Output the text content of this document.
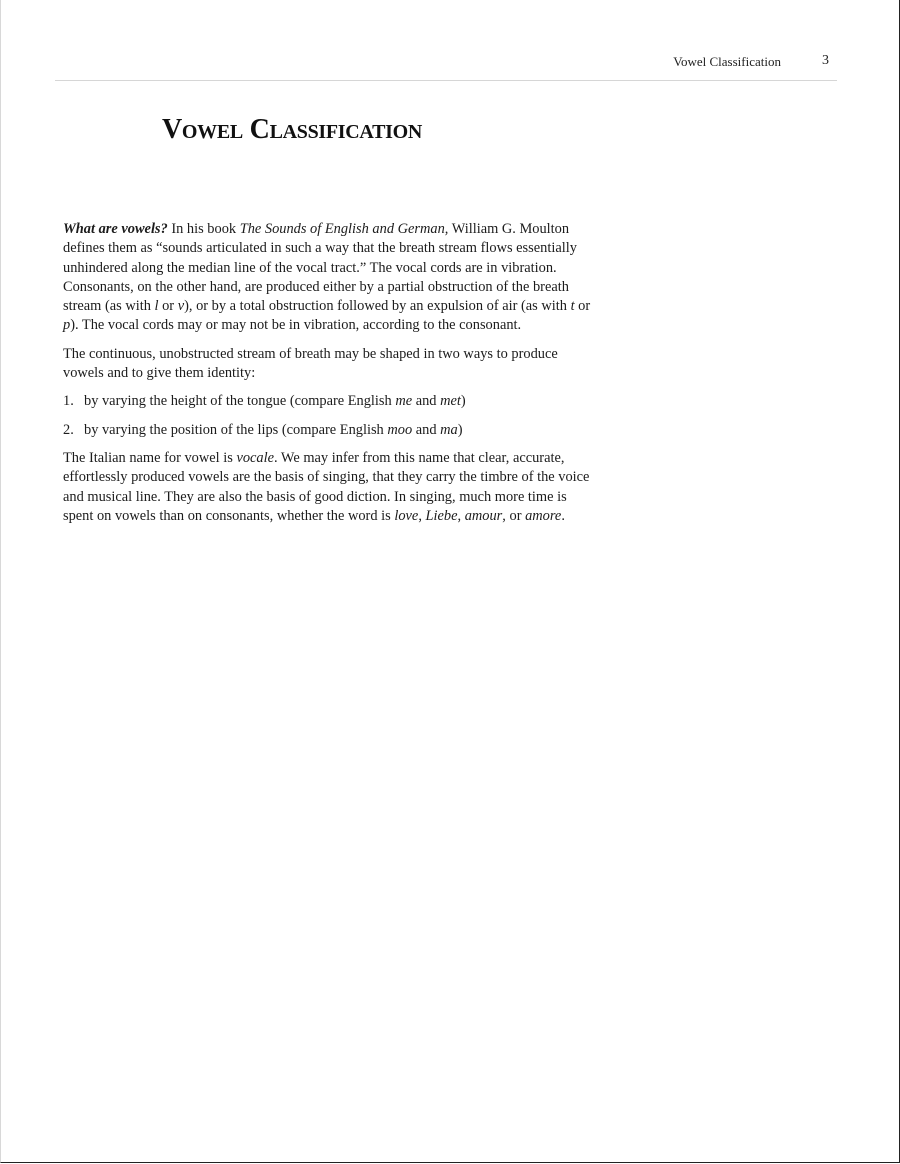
Vowel Classification	3
Vowel Classification

What are vowels? In his book The Sounds of English and German, William G. Moulton defines them as “sounds articulated in such a way that the breath stream flows essentially unhindered along the median line of the vocal tract.” The vocal cords are in vibration. Consonants, on the other hand, are produced either by a partial obstruction of the breath stream (as with l or v), or by a total obstruction followed by an expulsion of air (as with t or p). The vocal cords may or may not be in vibration, according to the consonant.

The continuous, unobstructed stream of breath may be shaped in two ways to produce vowels and to give them identity:

1. by varying the height of the tongue (compare English me and met)
2. by varying the position of the lips (compare English moo and ma)

The Italian name for vowel is vocale. We may infer from this name that clear, accurate, effortlessly produced vowels are the basis of singing, that they carry the timbre of the voice and musical line. They are also the basis of good diction. In singing, much more time is spent on vowels than on consonants, whether the word is love, Liebe, amour, or amore.
